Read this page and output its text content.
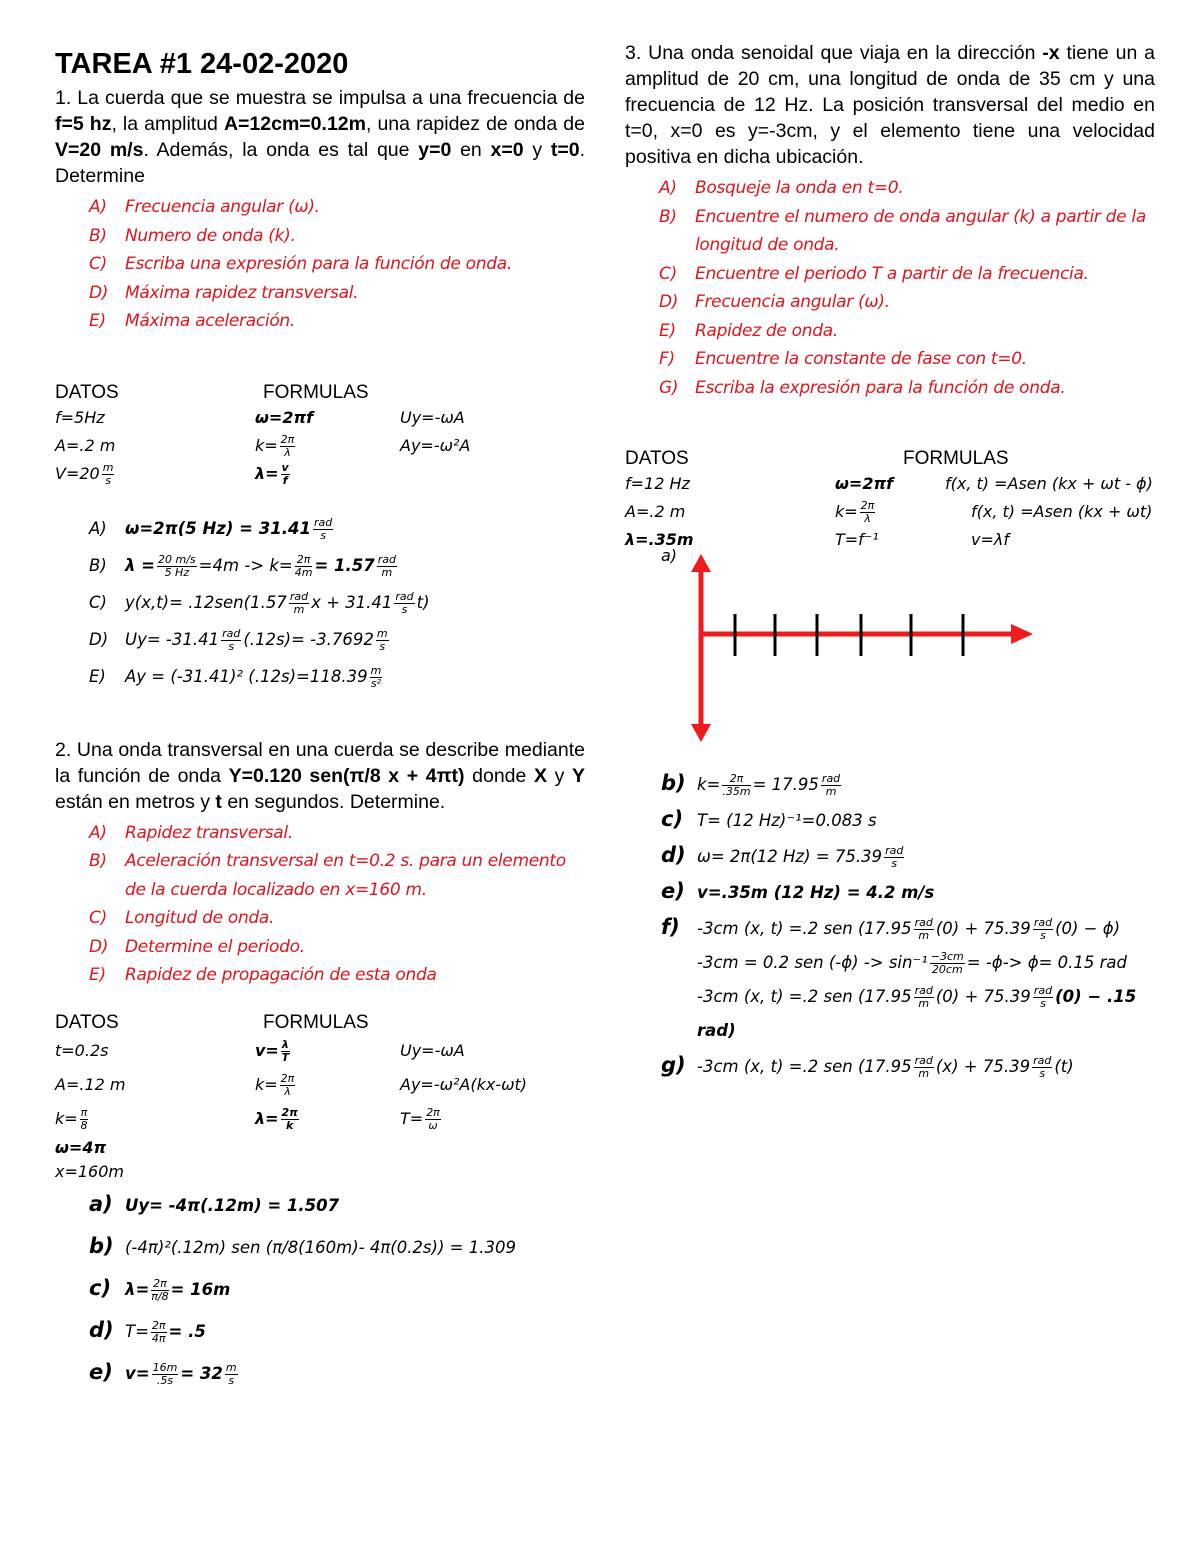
TAREA #1 24-02-2020
1. La cuerda que se muestra se impulsa a una frecuencia de f=5 hz, la amplitud A=12cm=0.12m, una rapidez de onda de V=20 m/s. Además, la onda es tal que y=0 en x=0 y t=0. Determine
A) Frecuencia angular (ω).
B) Numero de onda (k).
C) Escriba una expresión para la función de onda.
D) Máxima rapidez transversal.
E) Máxima aceleración.
DATOS	FORMULAS
f=5Hz	ω=2πf	Uy=-ωA
A=.2 m	$k= \frac{2\pi}{\lambda}$	Ay=-ω²A
$V=20 \frac{m}{s}$	$\lambda= \frac{v}{f}$
A) ω=2π(5 $Hz) = 31.41 \frac{\text{rad}}{s}$
B) $\lambda = \frac{20 m/s}{5 Hz} =4m -> k= \frac{2\pi}{4m} = 1.57 \frac{\text{rad}}{m}$
C) $y(x,t)= .12sen(1.57 \frac{\text{rad}}{m}$ $x + 31.41 \frac{\text{rad}}{s} t$)
D) $Uy= -31.41 \frac{\text{rad}}{s} (.12s)= -3.7692 \frac{m}{s}$
E) Ay = (-31.41)² $(.12s)=118.39 \frac{m}{\text{s²}}$
2. Una onda transversal en una cuerda se describe mediante la función de onda Y=0.120 sen(π/8 x + 4πt) donde X y Y están en metros y t en segundos. Determine.
A) Rapidez transversal.
B) Aceleración transversal en t=0.2 s. para un elemento de la cuerda localizado en x=160 m.
C) Longitud de onda.
D) Determine el periodo.
E) Rapidez de propagación de esta onda
DATOS	FORMULAS
t=0.2s	$v= \frac{\lambda}{T}$	Uy=-ωA
A=.12 m	$k= \frac{2\pi}{\lambda}$	Ay=-ω²A(kx-ωt)
$k= \frac{\pi}{8}$	$\lambda= \frac{2\pi}{k}$	$T= \frac{2\pi}{\omega}$
ω=4π
x=160m
a) Uy= -4π(.12m) = 1.507
b) (-4π)²(.12m) sen (π/8(160m)- 4π(0.2s)) = 1.309
c) $\lambda= \frac{2\pi}{\pi/8} = 16m$
d) $T= \frac{2\pi}{4\pi} = .5$
e) $v= \frac{16m}{.5s} = 32 \frac{m}{s}$
3. Una onda senoidal que viaja en la dirección -x tiene un a amplitud de 20 cm, una longitud de onda de 35 cm y una frecuencia de 12 Hz. La posición transversal del medio en t=0, x=0 es y=-3cm, y el elemento tiene una velocidad positiva en dicha ubicación.
A) Bosqueje la onda en t=0.
B) Encuentre el numero de onda angular (k) a partir de la longitud de onda.
C) Encuentre el periodo T a partir de la frecuencia.
D) Frecuencia angular (ω).
E) Rapidez de onda.
F) Encuentre la constante de fase con t=0.
G) Escriba la expresión para la función de onda.
DATOS	FORMULAS
f=12 Hz	ω=2πf	f(x, t) =Asen (kx + ωt - ϕ)
A=.2 m	$k= \frac{2\pi}{\lambda}$	f(x, t) =Asen (kx + ωt)
λ=.35m	T=f⁻¹	v=λf
a)
b) $k= \frac{2\pi}{.35m} = 17.95 \frac{\text{rad}}{m}$
c) T= (12 Hz)⁻¹=0.083 s
d) ω= 2π(12 $Hz) = 75.39 \frac{\text{rad}}{s}$
e) v=.35m (12 Hz) = 4.2 m/s
f) -3cm (x, t) =.2 sen $(17.95 \frac{\text{rad}}{m} (0) + 75.39 \frac{\text{rad}}{s} (0) - \phi)$
-3cm = 0.2 sen $(-\phi) -> \sin^{-1} \frac{-3cm}{20cm} = -\phi-> \phi= 0.15$ rad
-3cm (x, t) =.2 sen ($17.95 \frac{\text{rad}}{m} (0) + 75.39 \frac{\text{rad}}{s} (0) - .15$
rad)
g) -3cm (x, t) =.2 sen ($17.95 \frac{\text{rad}}{m} (x) + 75.39 \frac{\text{rad}}{s} (t)$
